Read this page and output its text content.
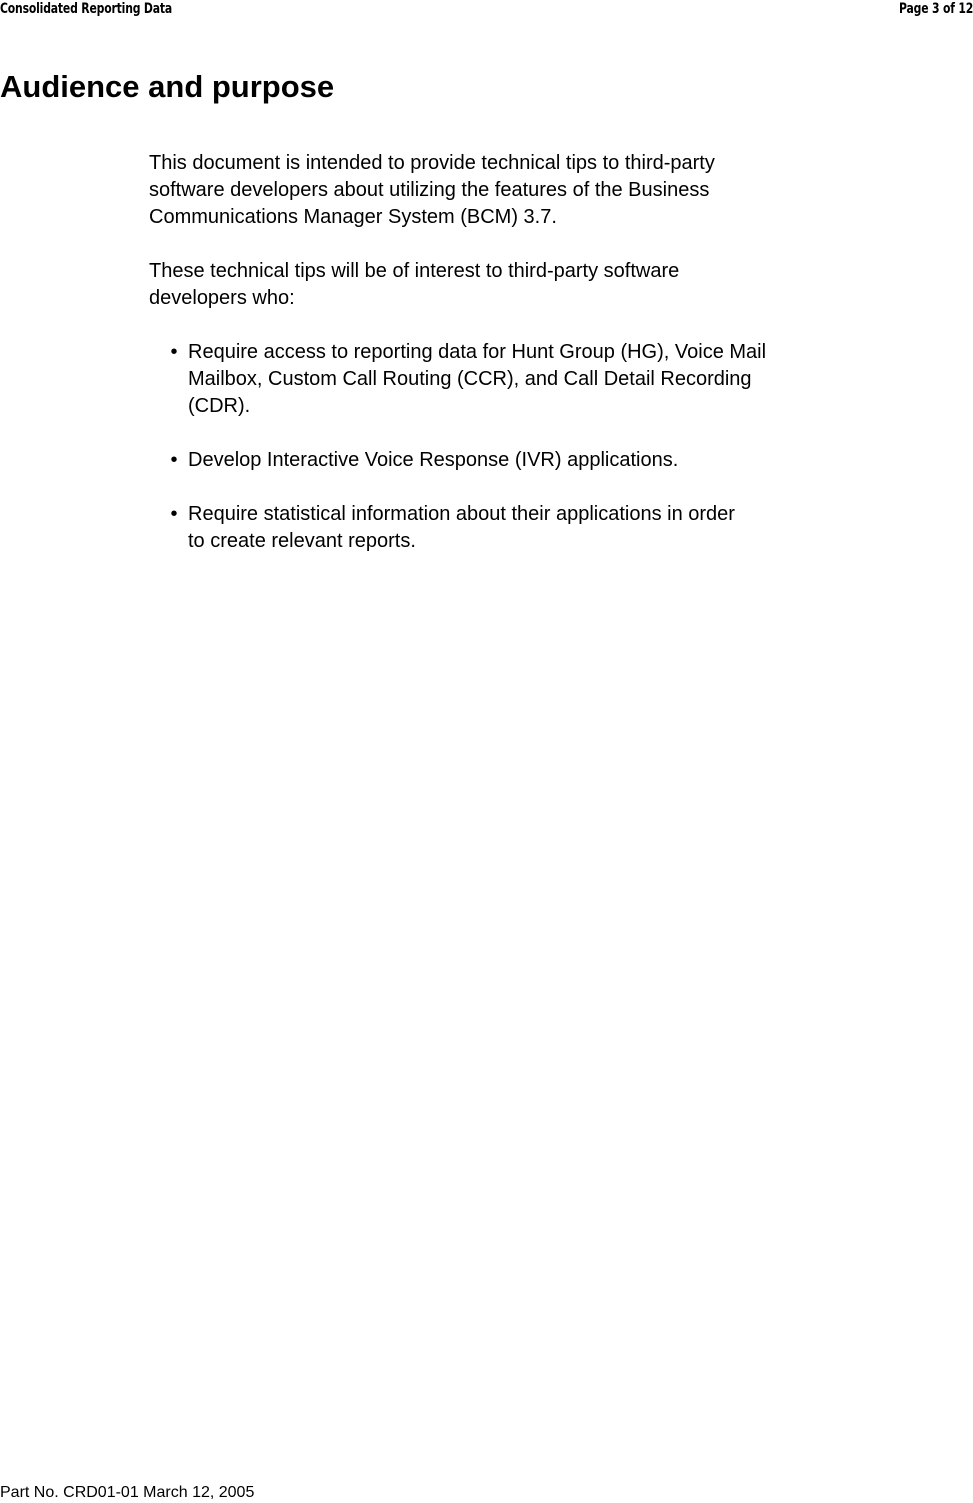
Consolidated Reporting Data	Page 3 of 12
Audience and purpose

This document is intended to provide technical tips to third-party
software developers about utilizing the features of the Business
Communications Manager System (BCM) 3.7.

These technical tips will be of interest to third-party software
developers who:

• Require access to reporting data for Hunt Group (HG), Voice Mail
Mailbox, Custom Call Routing (CCR), and Call Detail Recording
(CDR).
• Develop Interactive Voice Response (IVR) applications.
• Require statistical information about their applications in order
to create relevant reports.
Part No. CRD01-01 March 12, 2005
